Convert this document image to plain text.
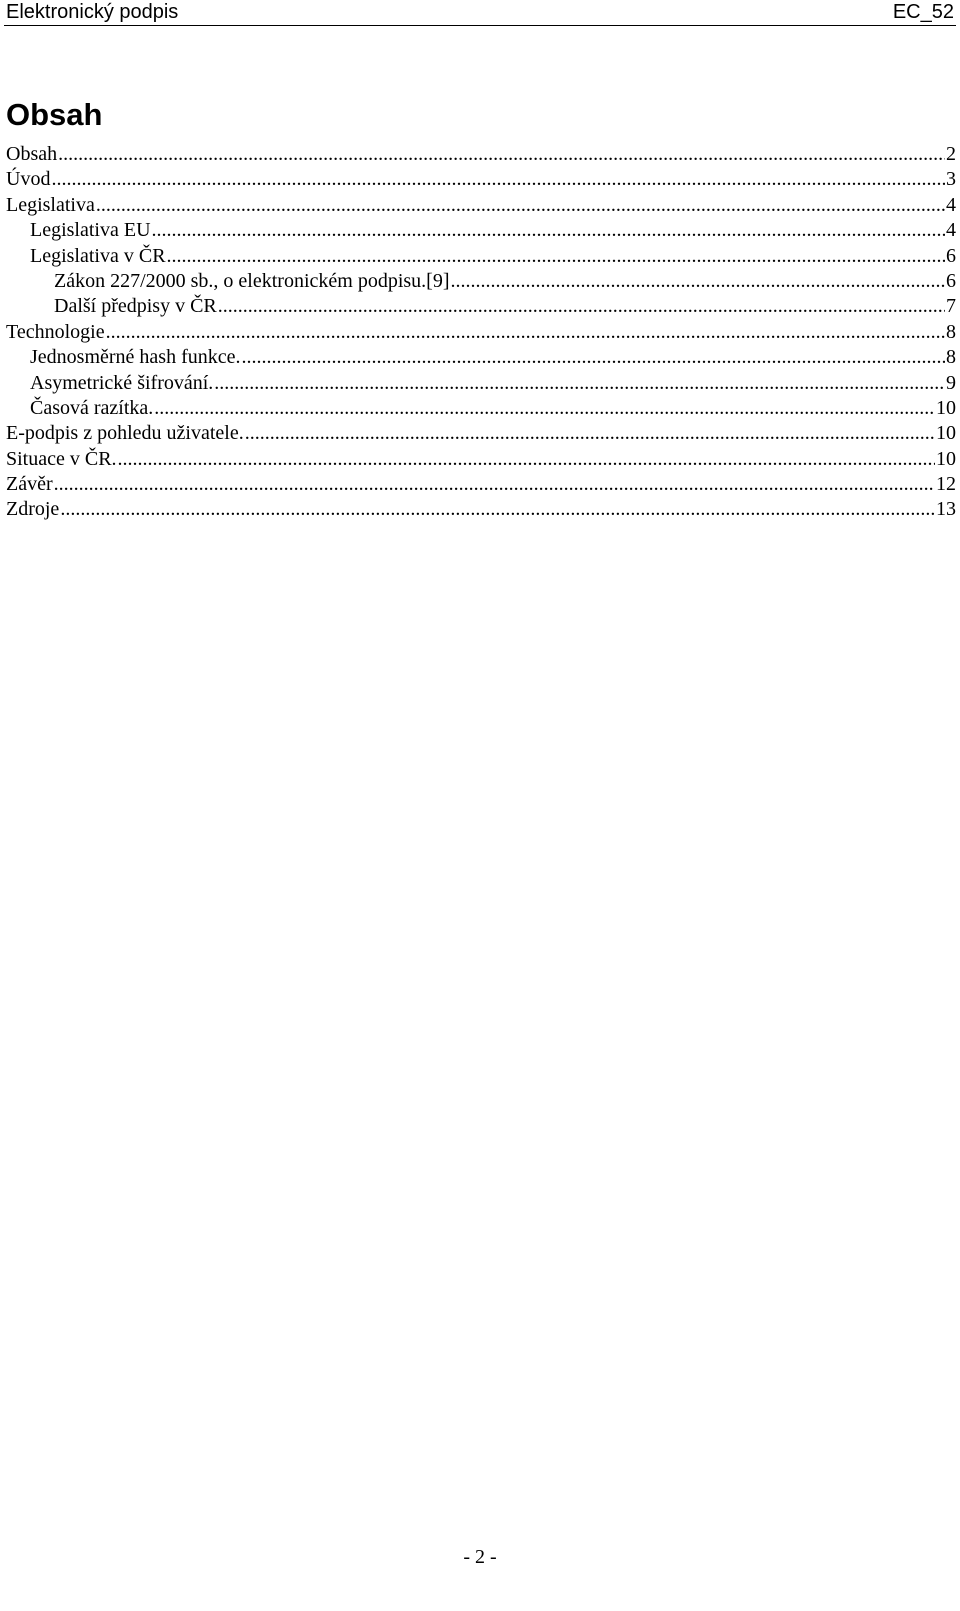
Elektronický podpis	EC_52
Obsah
Obsah .....	2
Úvod .....	3
Legislativa .....	4
Legislativa EU .....	4
Legislativa v ČR .....	6
Zákon 227/2000 sb., o elektronickém podpisu.[9] .....	6
Další předpisy v ČR .....	7
Technologie .....	8
Jednosměrné hash funkce. .....	8
Asymetrické šifrování. .....	9
Časová razítka. .....	10
E-podpis z pohledu uživatele. .....	10
Situace v ČR. .....	10
Závěr .....	12
Zdroje .....	13
- 2 -
